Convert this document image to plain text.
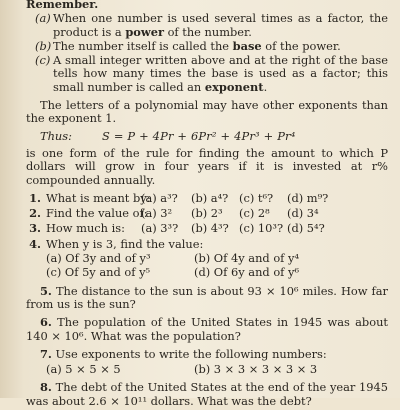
Remember.

(a) When one number is used several times as a factor, the product is a power of the number.
(b) The number itself is called the base of the power.
(c) A small integer written above and at the right of the base tells how many times the base is used as a factor; this small number is called an exponent.

The letters of a polynomial may have other exponents than the exponent 1.

Thus:	S = P + 4Pr + 6Pr² + 4Pr³ + Pr⁴

is one form of the rule for finding the amount to which P dollars will grow in four years if it is invested at r% compounded annually.

1. What is meant by:
(a) a³?	(b) a⁴? (c) t⁶?	(d) m⁹?
2. Find the value of:
(a) 3²	(b) 2³	(c) 2⁸	(d) 3⁴
3. How much is:	(a) 3³?	(b) 4³? (c) 10³? (d) 5⁴?
4. When y is 3, find the value:
(a) Of 3y and of y³	(b) Of 4y and of y⁴
(c) Of 5y and of y⁵	(d) Of 6y and of y⁶

5. The distance to the sun is about 93 × 10⁶ miles. How far from us is the sun?

6. The population of the United States in 1945 was about 140 × 10⁶. What was the population?

7. Use exponents to write the following numbers:

(a) 5 × 5 × 5	(b) 3 × 3 × 3 × 3 × 3

8. The debt of the United States at the end of the year 1945 was about 2.6 × 10¹¹ dollars. What was the debt?
